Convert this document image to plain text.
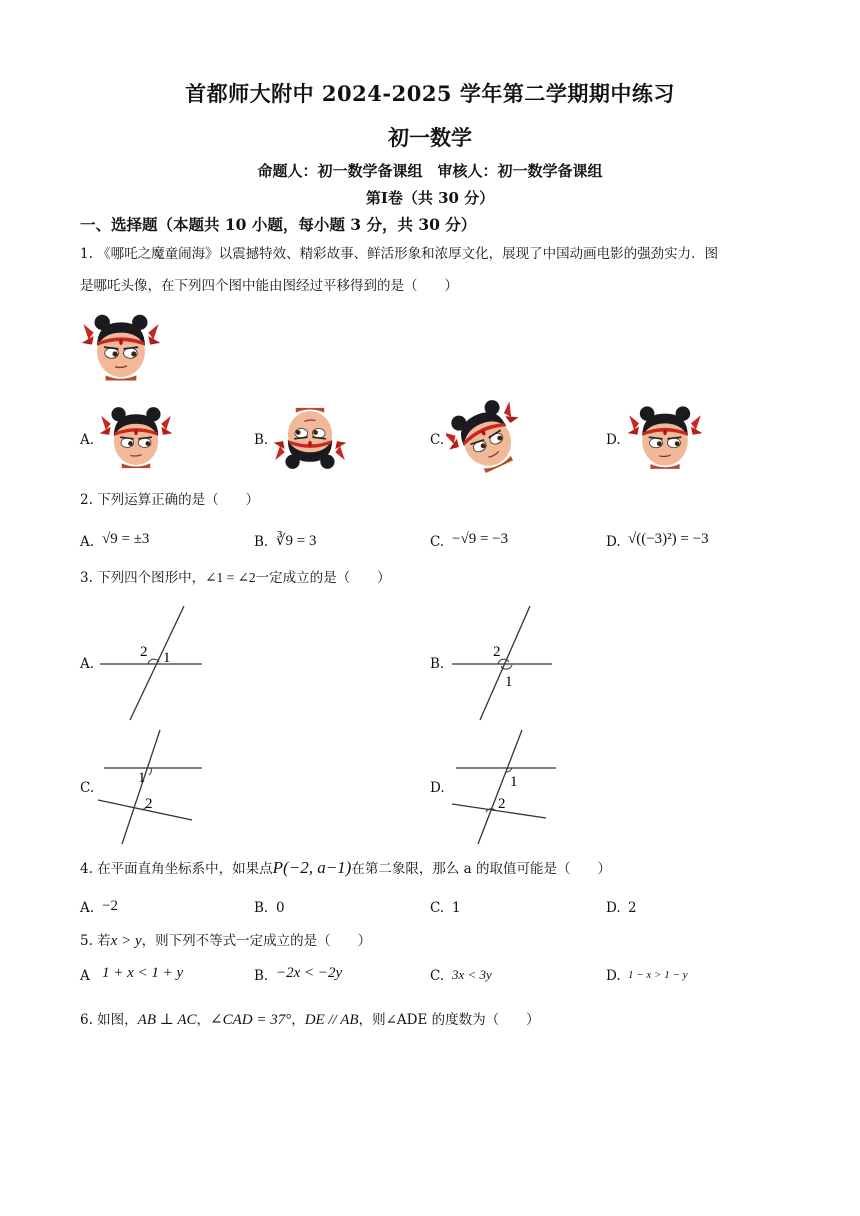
首都师大附中 2024-2025 学年第二学期期中练习
初一数学
命题人：初一数学备课组　审核人：初一数学备课组
第Ⅰ卷（共 30 分）
一、选择题（本题共 10 小题，每小题 3 分，共 30 分）
1. 《哪吒之魔童闹海》以震撼特效、精彩故事、鲜活形象和浓厚文化，展现了中国动画电影的强劲实力．图
是哪吒头像，在下列四个图中能由图经过平移得到的是（　　）
A.	B.	C.	D.
2. 下列运算正确的是（　　）
A. √9 = ±3	B. ∛9 = 3	C. −√9 = −3	D. √((−3)²) = −3
3. 下列四个图形中，∠1 = ∠2一定成立的是（　　）
A.
2 1	B.
2
1
C.
1
2
D.	1
2
4. 在平面直角坐标系中，如果点P(−2, a−1)在第二象限，那么 a 的取值可能是（　　）
A. −2	B. 0	C. 1	D. 2
5. 若x > y，则下列不等式一定成立的是（　　）
A 1 + x < 1 + y	B. −2x < −2y	C. 3x < 3y	D. 1 − x > 1 − y
6. 如图，AB ⊥ AC，∠CAD = 37°，DE // AB，则∠ADE 的度数为（　　）
